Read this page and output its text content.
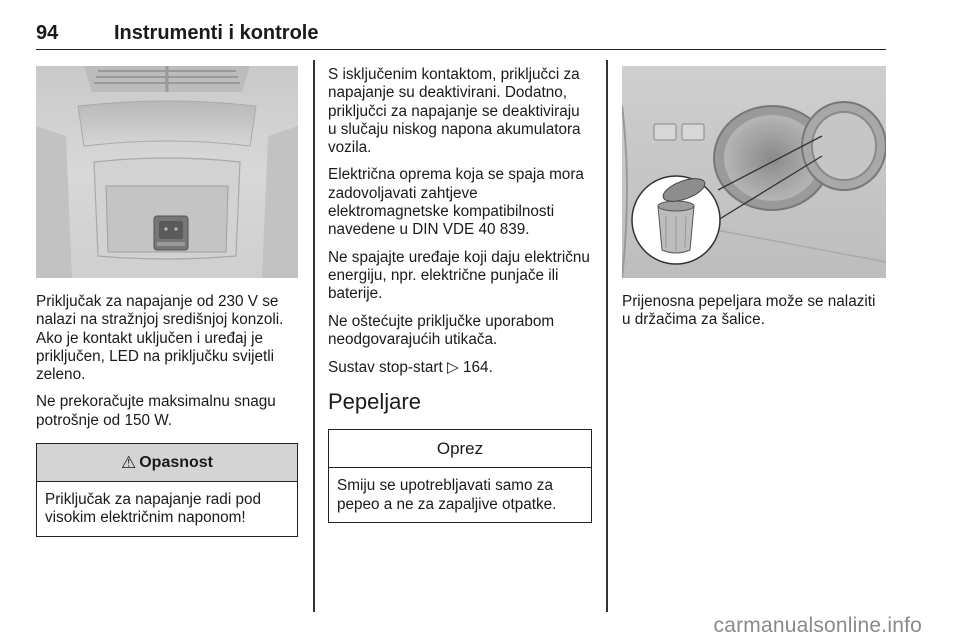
94	Instrumenti i kontrole

Priključak za napajanje od 230 V se nalazi na stražnjoj središnjoj konzoli. Ako je kontakt uključen i uređaj je priključen, LED na priključku svijetli zeleno.

Ne prekoračujte maksimalnu snagu potrošnje od 150 W.

⚠ Opasnost
Priključak za napajanje radi pod visokim električnim naponom!

S isključenim kontaktom, priključci za napajanje su deaktivirani. Dodatno, priključci za napajanje se deaktiviraju u slučaju niskog napona akumulatora vozila.

Električna oprema koja se spaja mora zadovoljavati zahtjeve elektromagnetske kompatibilnosti navedene u DIN VDE 40 839.

Ne spajajte uređaje koji daju električnu energiju, npr. električne punjače ili baterije.

Ne oštećujte priključke uporabom neodgovarajućih utikača.

Sustav stop-start ▷ 164.

Pepeljare
Oprez
Smiju se upotrebljavati samo za pepeo a ne za zapaljive otpatke.

Prijenosna pepeljara može se nalaziti u držačima za šalice.

carmanualsonline.info
